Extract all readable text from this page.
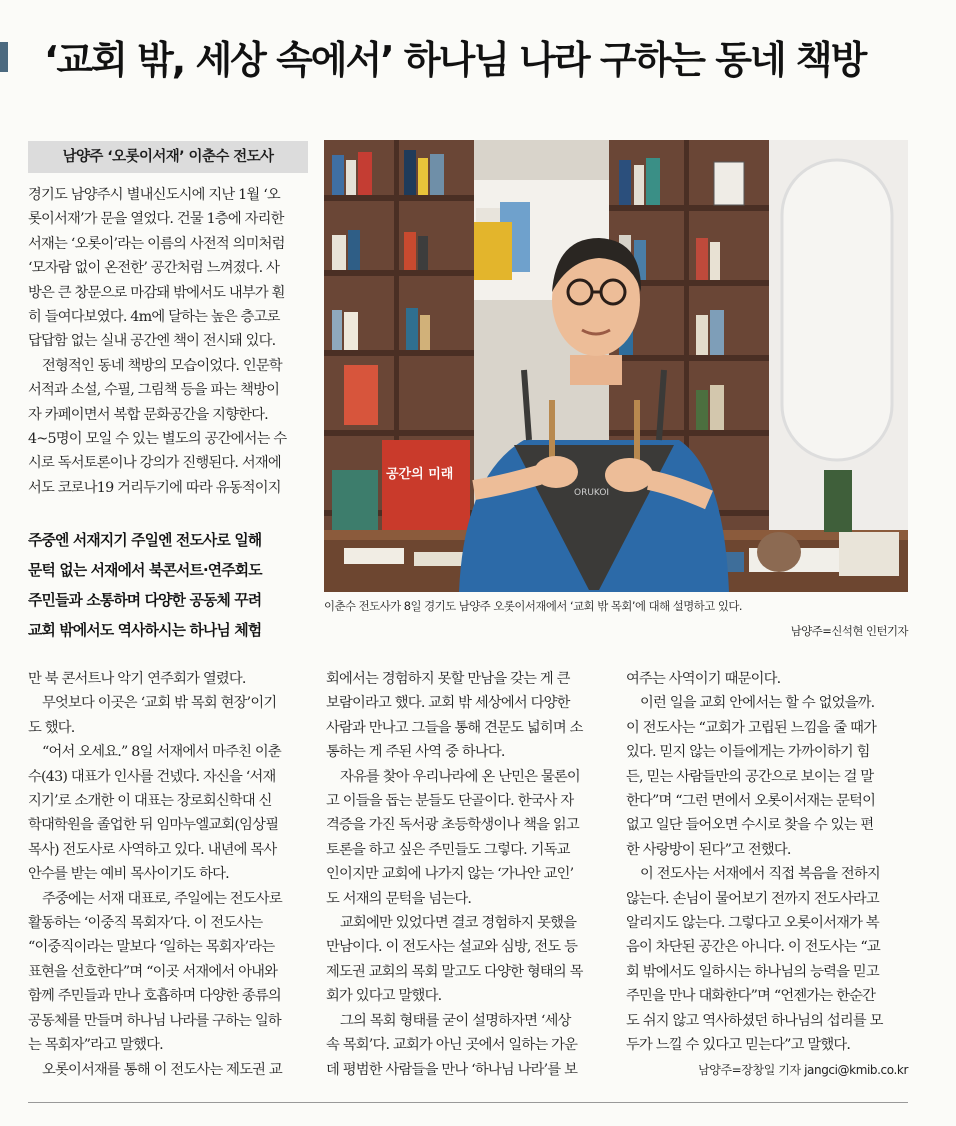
‘교회 밖, 세상 속에서’ 하나님 나라 구하는 동네 책방
남양주 ‘오롯이서재’ 이춘수 전도사

경기도 남양주시 별내신도시에 지난 1월 ‘오

롯이서재’가 문을 열었다. 건물 1층에 자리한

서재는 ‘오롯이’라는 이름의 사전적 의미처럼

‘모자람 없이 온전한’ 공간처럼 느껴졌다. 사

방은 큰 창문으로 마감돼 밖에서도 내부가 훤

히 들여다보였다. 4m에 달하는 높은 층고로

답답함 없는 실내 공간엔 책이 전시돼 있다.

전형적인 동네 책방의 모습이었다. 인문학

서적과 소설, 수필, 그림책 등을 파는 책방이

자 카페이면서 복합 문화공간을 지향한다.

4~5명이 모일 수 있는 별도의 공간에서는 수

시로 독서토론이나 강의가 진행된다. 서재에

서도 코로나19 거리두기에 따라 유동적이지

주중엔 서재지기 주일엔 전도사로 일해

문턱 없는 서재에서 북콘서트·연주회도

주민들과 소통하며 다양한 공동체 꾸려

교회 밖에서도 역사하시는 하나님 체험

공간의 미래
ORUKOI
이춘수 전도사가 8일 경기도 남양주 오롯이서재에서 ‘교회 밖 목회’에 대해 설명하고 있다.
남양주=신석현 인턴기자

만 북 콘서트나 악기 연주회가 열렸다.

무엇보다 이곳은 ‘교회 밖 목회 현장’이기

도 했다.

“어서 오세요.” 8일 서재에서 마주친 이춘

수(43) 대표가 인사를 건넸다. 자신을 ‘서재

지기’로 소개한 이 대표는 장로회신학대 신

학대학원을 졸업한 뒤 임마누엘교회(임상필

목사) 전도사로 사역하고 있다. 내년에 목사

안수를 받는 예비 목사이기도 하다.

주중에는 서재 대표로, 주일에는 전도사로

활동하는 ‘이중직 목회자’다. 이 전도사는

“이중직이라는 말보다 ‘일하는 목회자’라는

표현을 선호한다”며 “이곳 서재에서 아내와

함께 주민들과 만나 호흡하며 다양한 종류의

공동체를 만들며 하나님 나라를 구하는 일하

는 목회자”라고 말했다.

오롯이서재를 통해 이 전도사는 제도권 교

회에서는 경험하지 못할 만남을 갖는 게 큰

보람이라고 했다. 교회 밖 세상에서 다양한

사람과 만나고 그들을 통해 견문도 넓히며 소

통하는 게 주된 사역 중 하나다.

자유를 찾아 우리나라에 온 난민은 물론이

고 이들을 돕는 분들도 단골이다. 한국사 자

격증을 가진 독서광 초등학생이나 책을 읽고

토론을 하고 싶은 주민들도 그렇다. 기독교

인이지만 교회에 나가지 않는 ‘가나안 교인’

도 서재의 문턱을 넘는다.

교회에만 있었다면 결코 경험하지 못했을

만남이다. 이 전도사는 설교와 심방, 전도 등

제도권 교회의 목회 말고도 다양한 형태의 목

회가 있다고 말했다.

그의 목회 형태를 굳이 설명하자면 ‘세상

속 목회’다. 교회가 아닌 곳에서 일하는 가운

데 평범한 사람들을 만나 ‘하나님 나라’를 보

여주는 사역이기 때문이다.

이런 일을 교회 안에서는 할 수 없었을까.

이 전도사는 “교회가 고립된 느낌을 줄 때가

있다. 믿지 않는 이들에게는 가까이하기 힘

든, 믿는 사람들만의 공간으로 보이는 걸 말

한다”며 “그런 면에서 오롯이서재는 문턱이

없고 일단 들어오면 수시로 찾을 수 있는 편

한 사랑방이 된다”고 전했다.

이 전도사는 서재에서 직접 복음을 전하지

않는다. 손님이 물어보기 전까지 전도사라고

알리지도 않는다. 그렇다고 오롯이서재가 복

음이 차단된 공간은 아니다. 이 전도사는 “교

회 밖에서도 일하시는 하나님의 능력을 믿고

주민을 만나 대화한다”며 “언젠가는 한순간

도 쉬지 않고 역사하셨던 하나님의 섭리를 모

두가 느낄 수 있다고 믿는다”고 말했다.

남양주=장창일 기자 jangci@kmib.co.kr
